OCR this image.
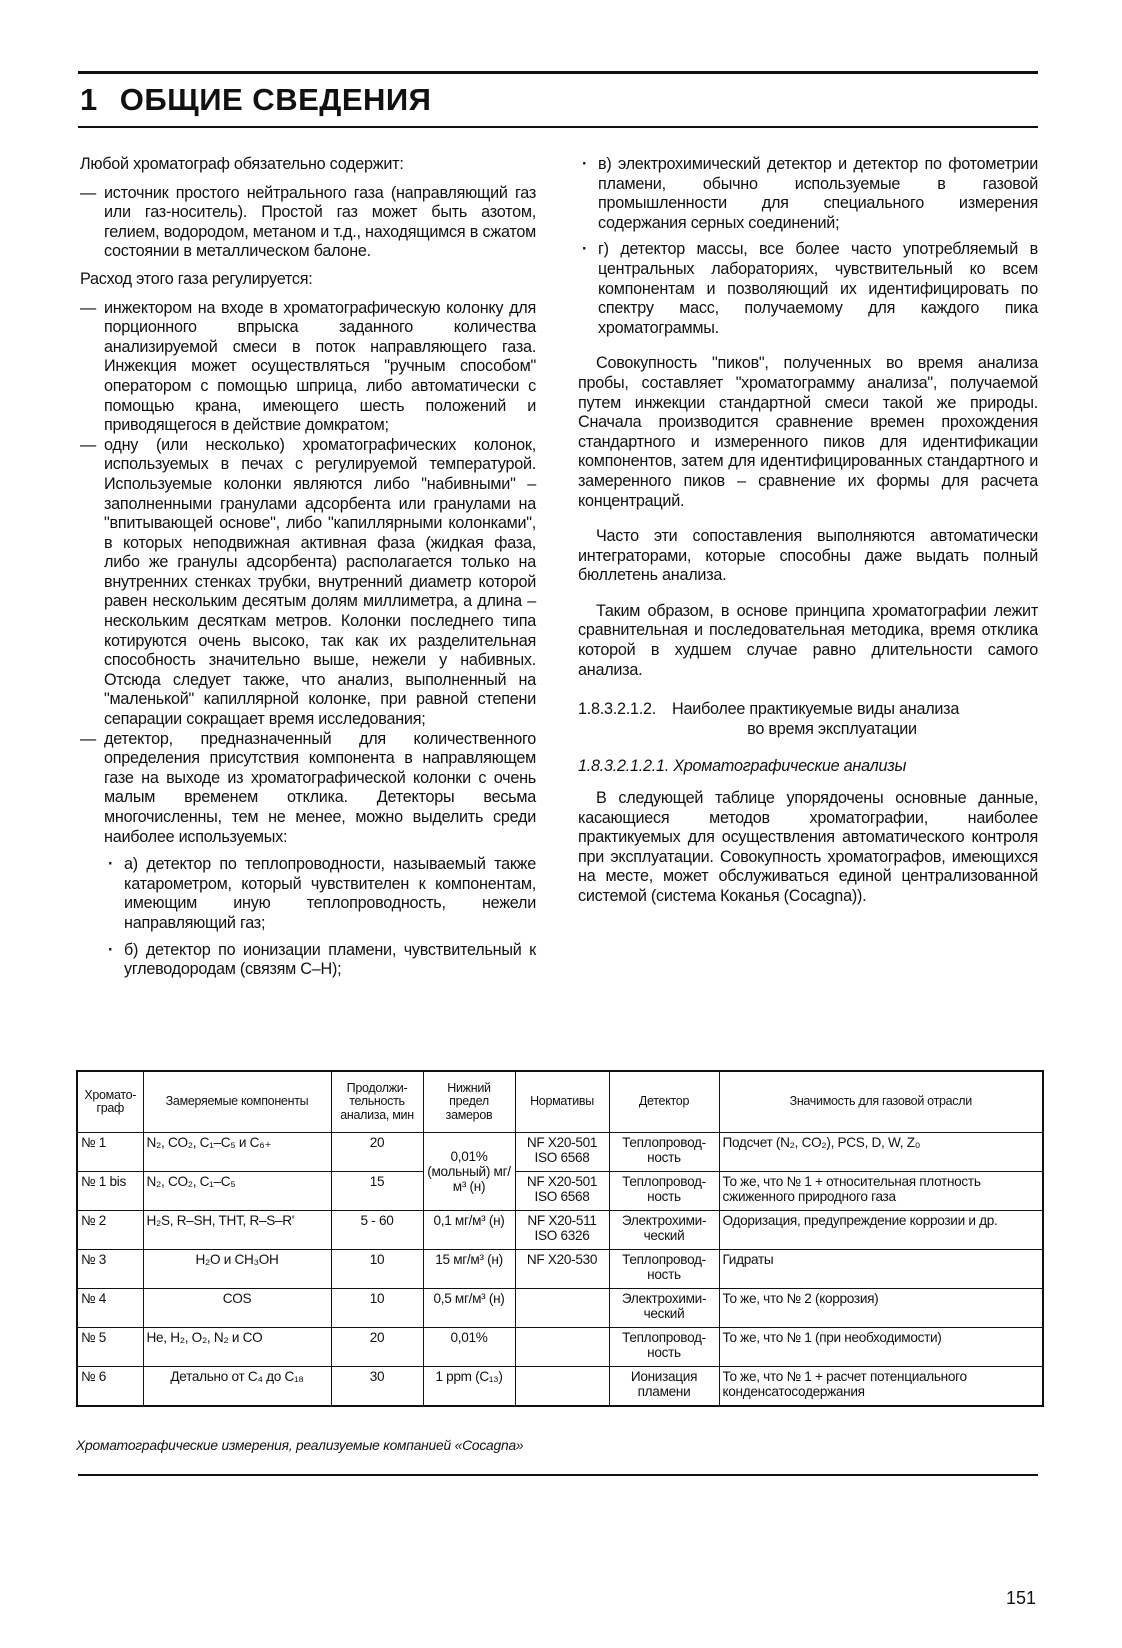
1 ОБЩИЕ СВЕДЕНИЯ

Любой хроматограф обязательно содержит:

— источник простого нейтрального газа (направляющий газ или газ-носитель). Простой газ может быть азотом, гелием, водородом, метаном и т.д., находящимся в сжатом состоянии в металлическом балоне.

Расход этого газа регулируется:

— инжектором на входе в хроматографическую колонку для порционного впрыска заданного количества анализируемой смеси в поток направляющего газа. Инжекция может осуществляться "ручным способом" оператором с помощью шприца, либо автоматически с помощью крана, имеющего шесть положений и приводящегося в действие домкратом;
— одну (или несколько) хроматографических колонок, используемых в печах с регулируемой температурой. Используемые колонки являются либо "набивными" – заполненными гранулами адсорбента или гранулами на "впитывающей основе", либо "капиллярными колонками", в которых неподвижная активная фаза (жидкая фаза, либо же гранулы адсорбента) располагается только на внутренних стенках трубки, внутренний диаметр которой равен нескольким десятым долям миллиметра, а длина – нескольким десяткам метров. Колонки последнего типа котируются очень высоко, так как их разделительная способность значительно выше, нежели у набивных. Отсюда следует также, что анализ, выполненный на "маленькой" капиллярной колонке, при равной степени сепарации сокращает время исследования;
— детектор, предназначенный для количественного определения присутствия компонента в направляющем газе на выходе из хроматографической колонки с очень малым временем отклика. Детекторы весьма многочисленны, тем не менее, можно выделить среди наиболее используемых:
· а) детектор по теплопроводности, называемый также катарометром, который чувствителен к компонентам, имеющим иную теплопроводность, нежели направляющий газ;
· б) детектор по ионизации пламени, чувствительный к углеводородам (связям C–H);
· в) электрохимический детектор и детектор по фотометрии пламени, обычно используемые в газовой промышленности для специального измерения содержания серных соединений;
· г) детектор массы, все более часто употребляемый в центральных лабораториях, чувствительный ко всем компонентам и позволяющий их идентифицировать по спектру масс, получаемому для каждого пика хроматограммы.

Совокупность "пиков", полученных во время анализа пробы, составляет "хроматограмму анализа", получаемой путем инжекции стандартной смеси такой же природы. Сначала производится сравнение времен прохождения стандартного и измеренного пиков для идентификации компонентов, затем для идентифицированных стандартного и замеренного пиков – сравнение их формы для расчета концентраций.

Часто эти сопоставления выполняются автоматически интеграторами, которые способны даже выдать полный бюллетень анализа.

Таким образом, в основе принципа хроматографии лежит сравнительная и последовательная методика, время отклика которой в худшем случае равно длительности самого анализа.

1.8.3.2.1.2. Наиболее практикуемые виды анализа
во время эксплуатации
1.8.3.2.1.2.1. Хроматографические анализы

В следующей таблице упорядочены основные данные, касающиеся методов хроматографии, наиболее практикуемых для осуществления автоматического контроля при эксплуатации. Совокупность хроматографов, имеющихся на месте, может обслуживаться единой централизованной системой (система Коканья (Cocagna)).

Хромато-граф	Замеряемые компоненты	Продолжи-тельность анализа, мин	Нижний предел замеров	Нормативы	Детектор	Значимость для газовой отрасли
№ 1	N₂, CO₂, C₁–C₅ и C₆₊	20	0,01% (мольный) мг/м³ (н)	NF X20-501 ISO 6568	Теплопровод-ность	Подсчет (N₂, CO₂), PCS, D, W, Z₀
№ 1 bis	N₂, CO₂, C₁–C₅	15		NF X20-501 ISO 6568	Теплопровод-ность	То же, что № 1 + относительная плотность сжиженного природного газа
№ 2	H₂S, R–SH, THT, R–S–R'	5 - 60	0,1 мг/м³ (н)	NF X20-511 ISO 6326	Электрохими-ческий	Одоризация, предупреждение коррозии и др.
№ 3	H₂O и CH₃OH	10	15 мг/м³ (н)	NF X20-530	Теплопровод-ность	Гидраты
№ 4	COS	10	0,5 мг/м³ (н)		Электрохими-ческий	То же, что № 2 (коррозия)
№ 5	He, H₂, O₂, N₂ и CO	20	0,01%		Теплопровод-ность	То же, что № 1 (при необходимости)
№ 6	Детально от C₄ до C₁₈	30	1 ppm (C₁₃)		Ионизация пламени	То же, что № 1 + расчет потенциального конденсатосодержания
Хроматографические измерения, реализуемые компанией «Cocagna»
151
